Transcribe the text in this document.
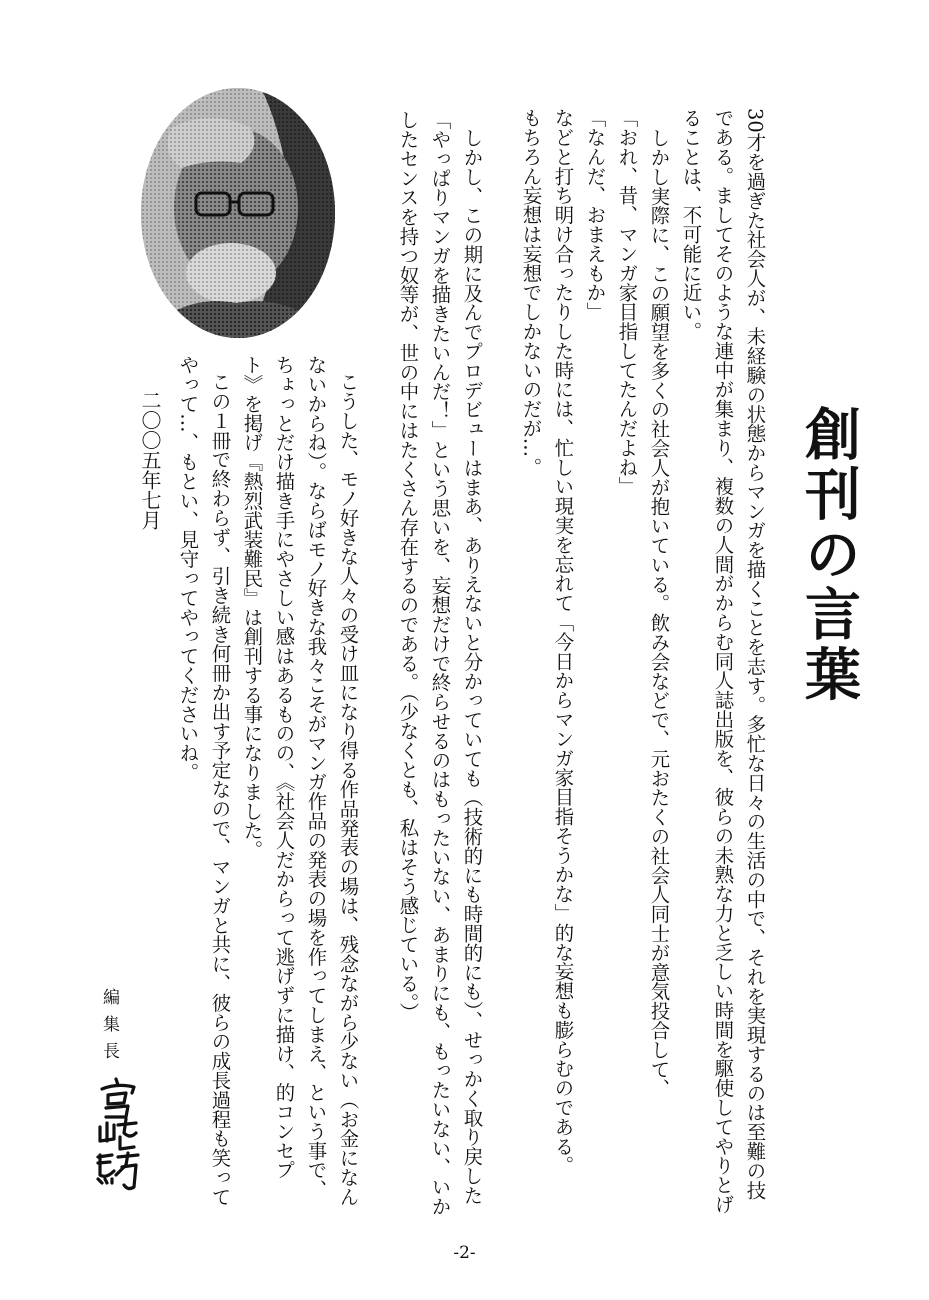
創刊の言葉
30才を過ぎた社会人が、未経験の状態からマンガを描くことを志す。多忙な日々の生活の中で、それを実現するのは至難の技
である。ましてそのような連中が集まり、複数の人間がからむ同人誌出版を、彼らの未熟な力と乏しい時間を駆使してやりとげ
ることは、不可能に近い。
しかし実際に、この願望を多くの社会人が抱いている。飲み会などで、元おたくの社会人同士が意気投合して、
「おれ、昔、マンガ家目指してたんだよね」
「なんだ、おまえもか」
などと打ち明け合ったりした時には、忙しい現実を忘れて「今日からマンガ家目指そうかな」的な妄想も膨らむのである。
もちろん妄想は妄想でしかないのだが…。
しかし、この期に及んでプロデビューはまあ、ありえないと分かっていても（技術的にも時間的にも）、せっかく取り戻した
「やっぱりマンガを描きたいんだ！」という思いを、妄想だけで終らせるのはもったいない、あまりにも、もったいない、いか
したセンスを持つ奴等が、世の中にはたくさん存在するのである。（少なくとも、私はそう感じている。）
こうした、モノ好きな人々の受け皿になり得る作品発表の場は、残念ながら少ない（お金になん
ないからね）。ならばモノ好きな我々こそがマンガ作品の発表の場を作ってしまえ、という事で、
ちょっとだけ描き手にやさしい感はあるものの、《社会人だからって逃げずに描け、的コンセプ
ト》を掲げ『熱烈武装難民』は創刊する事になりました。
この１冊で終わらず、引き続き何冊か出す予定なので、マンガと共に、彼らの成長過程も笑って
やって…、もとい、見守ってやってくださいね。
二〇〇五年七月
編集長
-2-
